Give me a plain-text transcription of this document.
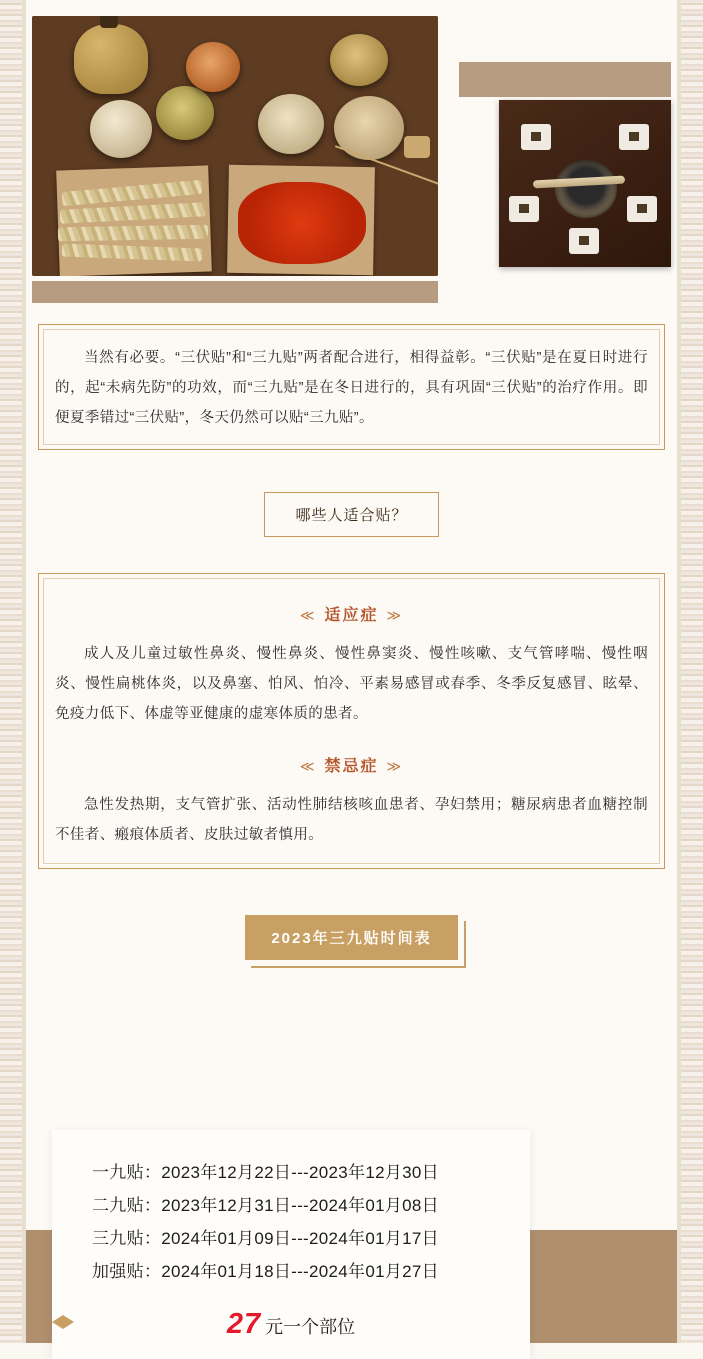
当然有必要。“三伏贴”和“三九贴”两者配合进行，相得益彰。“三伏贴”是在夏日时进行的，起“未病先防”的功效，而“三九贴”是在冬日进行的，具有巩固“三伏贴”的治疗作用。即便夏季错过“三伏贴”，冬天仍然可以贴“三九贴”。

哪些人适合贴？
≪ 适应症 ≫

成人及儿童过敏性鼻炎、慢性鼻炎、慢性鼻窦炎、慢性咳嗽、支气管哮喘、慢性咽炎、慢性扁桃体炎，以及鼻塞、怕风、怕冷、平素易感冒或春季、冬季反复感冒、眩晕、免疫力低下、体虚等亚健康的虚寒体质的患者。

≪ 禁忌症 ≫

急性发热期，支气管扩张、活动性肺结核咳血患者、孕妇禁用；糖尿病患者血糖控制不佳者、瘢痕体质者、皮肤过敏者慎用。

2023年三九贴时间表
一九贴：2023年12月22日---2023年12月30日
二九贴：2023年12月31日---2024年01月08日
三九贴：2024年01月09日---2024年01月17日
加强贴：2024年01月18日---2024年01月27日
27 元一个部位
